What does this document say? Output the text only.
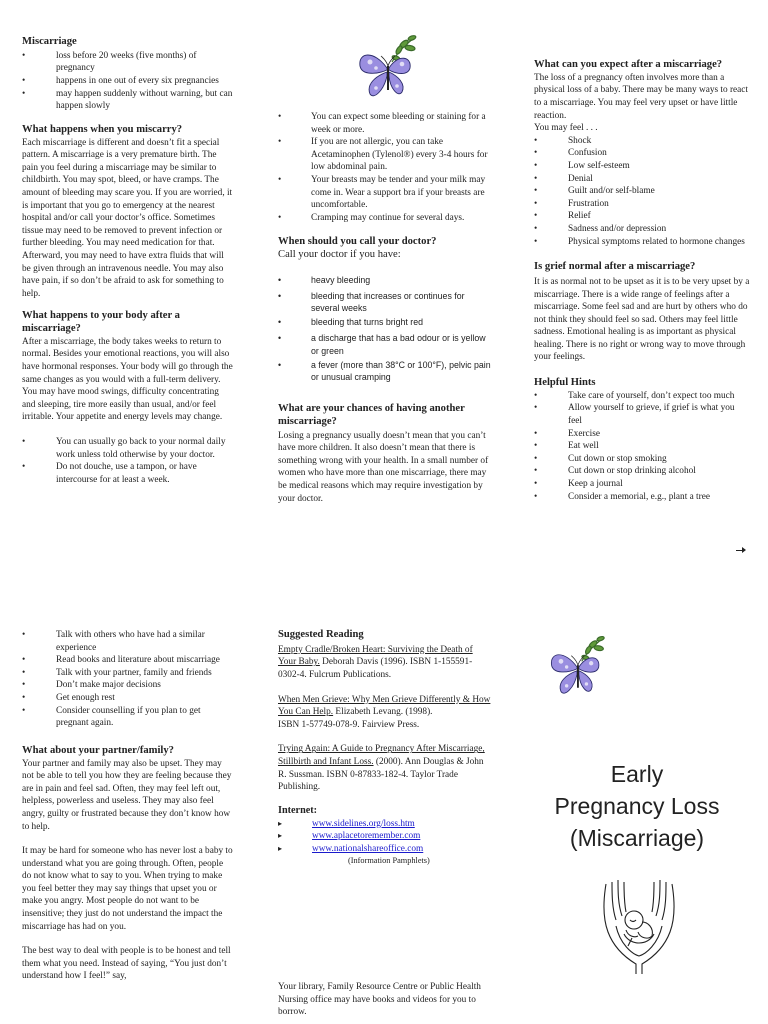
Miscarriage

• loss before 20 weeks (five months) of pregnancy
• happens in one out of every six pregnancies
• may happen suddenly without warning, but can happen slowly

What happens when you miscarry?

Each miscarriage is different and doesn’t fit a special pattern. A miscarriage is a very premature birth. The pain you feel during a miscarriage may be similar to childbirth. You may spot, bleed, or have cramps. The amount of bleeding may scare you. If you are worried, it is important that you go to emergency at the nearest hospital and/or call your doctor’s office. Sometimes tissue may need to be removed to prevent infection or further bleeding. You may need medication for that. Afterward, you may need to have extra fluids that will be given through an intravenous needle. You may also have pain, if so don’t be afraid to ask for something to help.

What happens to your body after a miscarriage?

After a miscarriage, the body takes weeks to return to normal. Besides your emotional reactions, you will also have hormonal responses. Your body will go through the same changes as you would with a full-term delivery. You may have mood swings, difficulty concentrating and sleeping, tire more easily than usual, and/or feel irritable. Your appetite and energy levels may change.

• You can usually go back to your normal daily work unless told otherwise by your doctor.
• Do not douche, use a tampon, or have intercourse for at least a week.
• You can expect some bleeding or staining for a week or more.
• If you are not allergic, you can take Acetaminophen (Tylenol®) every 3-4 hours for low abdominal pain.
• Your breasts may be tender and your milk may come in. Wear a support bra if your breasts are uncomfortable.
• Cramping may continue for several days.

When should you call your doctor?

Call your doctor if you have:

• heavy bleeding
• bleeding that increases or continues for several weeks
• bleeding that turns bright red
• a discharge that has a bad odour or is yellow or green
• a fever (more than 38°C or 100°F), pelvic pain or unusual cramping

What are your chances of having another miscarriage?

Losing a pregnancy usually doesn’t mean that you can’t have more children. It also doesn’t mean that there is something wrong with your health. In a small number of women who have more than one miscarriage, there may be medical reasons which may require investigation by your doctor.

What can you expect after a miscarriage?

The loss of a pregnancy often involves more than a physical loss of a baby. There may be many ways to react to a miscarriage. You may feel very upset or have little reaction.

You may feel . . .

• Shock
• Confusion
• Low self-esteem
• Denial
• Guilt and/or self-blame
• Frustration
• Relief
• Sadness and/or depression
• Physical symptoms related to hormone changes

Is grief normal after a miscarriage?

It is as normal not to be upset as it is to be very upset by a miscarriage. There is a wide range of feelings after a miscarriage. Some feel sad and are hurt by others who do not think they should feel so sad. Others may feel little sadness. Emotional healing is as important as physical healing. There is no right or wrong way to move through your feelings.

Helpful Hints

• Take care of yourself, don’t expect too much
• Allow yourself to grieve, if grief is what you feel
• Exercise
• Eat well
• Cut down or stop smoking
• Cut down or stop drinking alcohol
• Keep a journal
• Consider a memorial, e.g., plant a tree
• Talk with others who have had a similar experience
• Read books and literature about miscarriage
• Talk with your partner, family and friends
• Don’t make major decisions
• Get enough rest
• Consider counselling if you plan to get pregnant again.

What about your partner/family?

Your partner and family may also be upset. They may not be able to tell you how they are feeling because they are in pain and feel sad. Often, they may feel left out, helpless, powerless and useless. They may also feel angry, guilty or frustrated because they don’t know how to help.

It may be hard for someone who has never lost a baby to understand what you are going through. Often, people do not know what to say to you. When trying to make you feel better they may say things that upset you or make you angry. Most people do not want to be insensitive; they just do not understand the impact the miscarriage has had on you.

The best way to deal with people is to be honest and tell them what you need. Instead of saying, “You just don’t understand how I feel!” say,

Suggested Reading

Empty Cradle/Broken Heart: Surviving the Death of Your Baby. Deborah Davis (1996). ISBN 1-155591-0302-4. Fulcrum Publications.

When Men Grieve: Why Men Grieve Differently & How You Can Help. Elizabeth Levang. (1998).

ISBN 1-57749-078-9. Fairview Press.

Trying Again: A Guide to Pregnancy After Miscarriage, Stillbirth and Infant Loss. (2000). Ann Douglas & John R. Sussman. ISBN 0-87833-182-4. Taylor Trade Publishing.

Internet:

▸ www.sidelines.org/loss.htm
▸ www.aplacetoremember.com
▸ www.nationalshareoffice.com

(Information Pamphlets)

Your library, Family Resource Centre or Public Health Nursing office may have books and videos for you to borrow.

Early
Pregnancy Loss
(Miscarriage)
